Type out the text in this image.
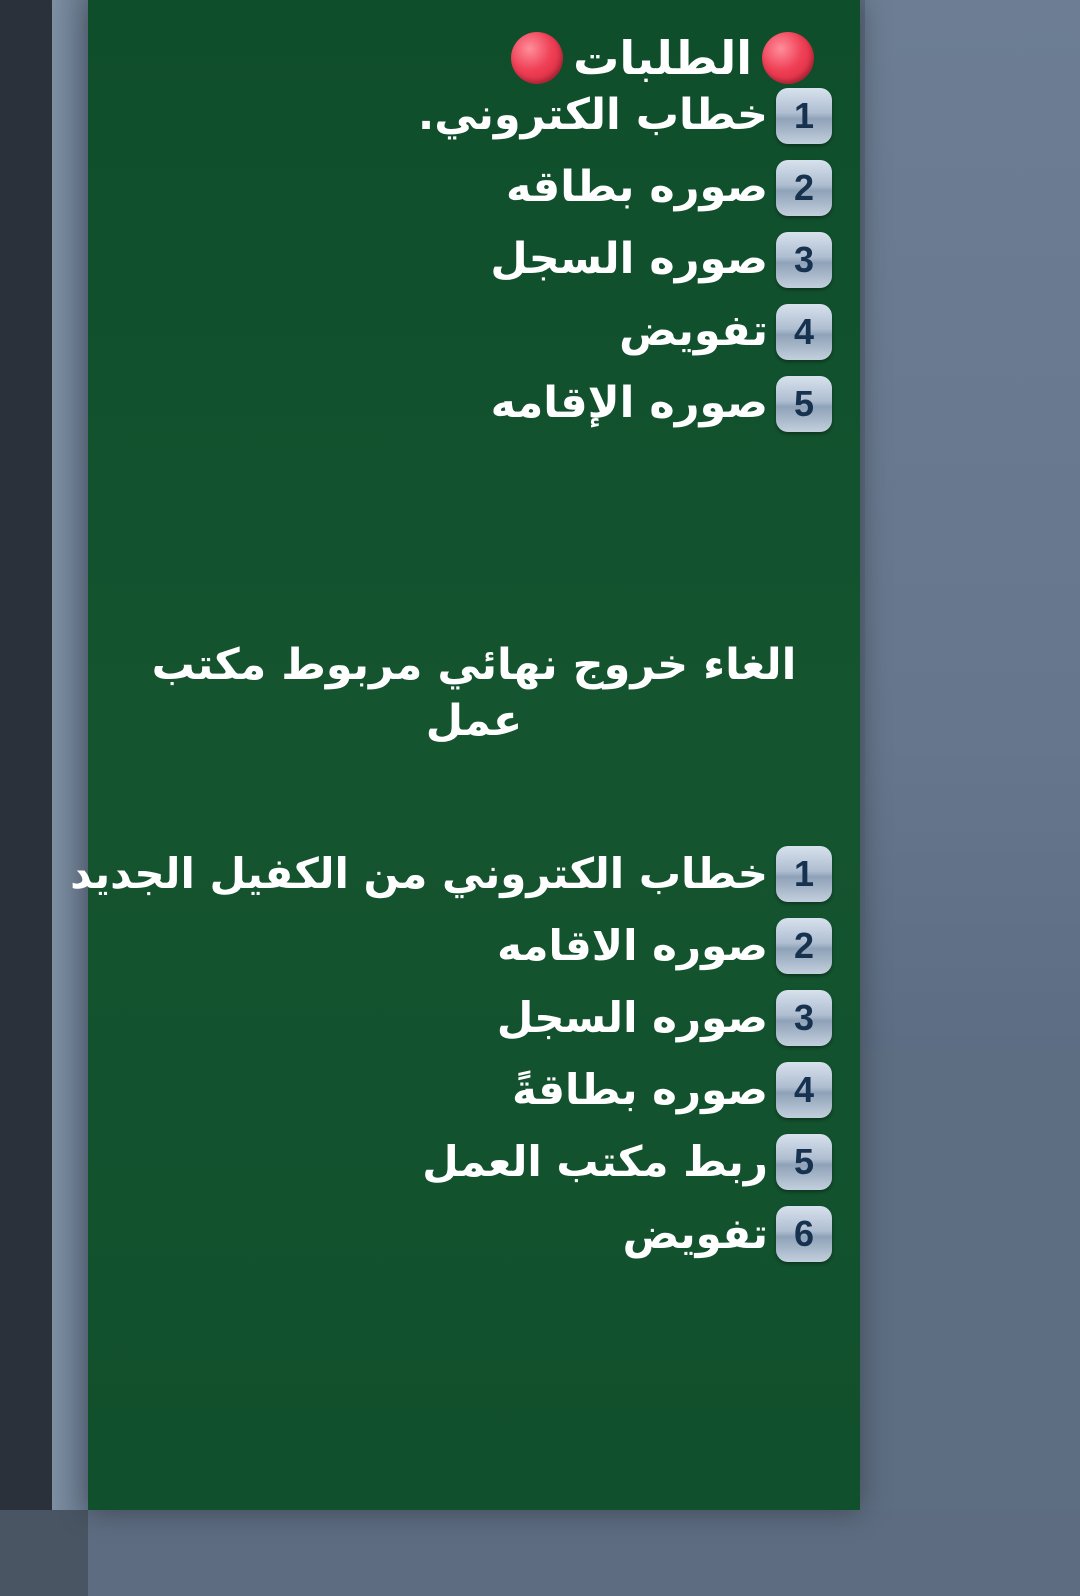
الطلبات
1
خطاب الكتروني.
2
صوره بطاقه
3
صوره السجل
4
تفويض
5
صوره الإقامه

الغاء خروج نهائي مربوط مكتب عمل

1
خطاب الكتروني من الكفيل الجديد
2
صوره الاقامه
3
صوره السجل
4
صوره بطاقةً
5
ربط مكتب العمل
6
تفويض
